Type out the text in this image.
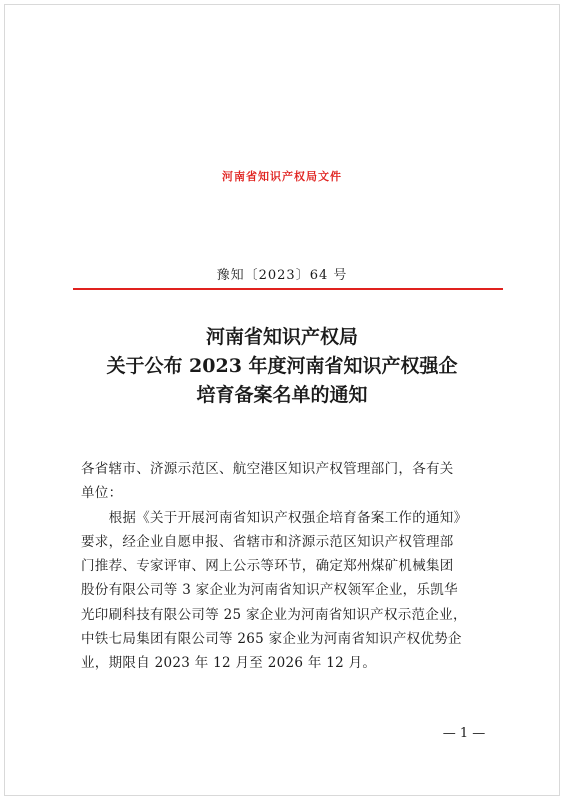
河南省知识产权局文件
豫知〔2023〕64 号
河南省知识产权局
关于公布 2023 年度河南省知识产权强企
培育备案名单的通知
各省辖市、济源示范区、航空港区知识产权管理部门，各有关
单位：
　　根据《关于开展河南省知识产权强企培育备案工作的通知》
要求，经企业自愿申报、省辖市和济源示范区知识产权管理部
门推荐、专家评审、网上公示等环节，确定郑州煤矿机械集团
股份有限公司等 3 家企业为河南省知识产权领军企业，乐凯华
光印刷科技有限公司等 25 家企业为河南省知识产权示范企业，
中铁七局集团有限公司等 265 家企业为河南省知识产权优势企
业，期限自 2023 年 12 月至 2026 年 12 月。
— 1 —
